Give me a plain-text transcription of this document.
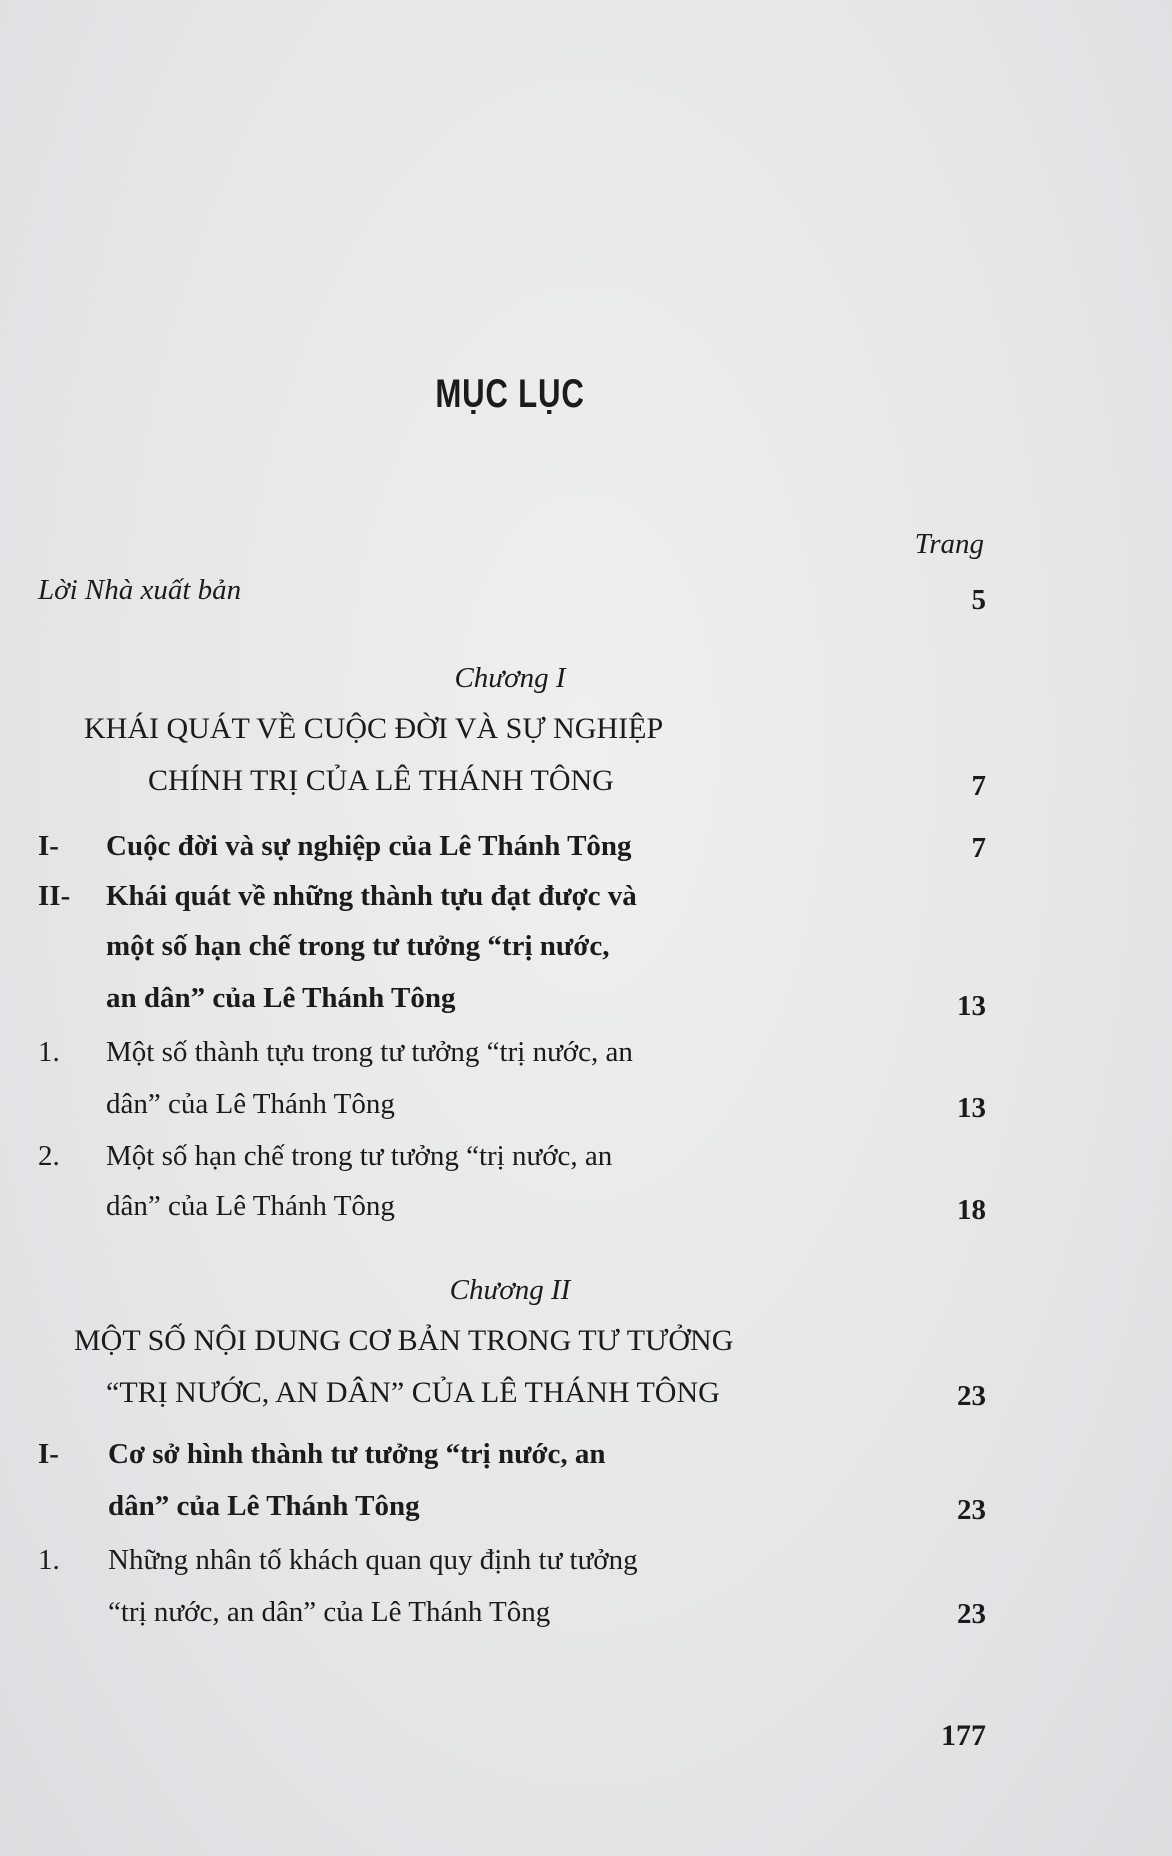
MỤC LỤC
Trang
Lời Nhà xuất bản	5
Chương I
KHÁI QUÁT VỀ CUỘC ĐỜI VÀ SỰ NGHIỆP
CHÍNH TRỊ CỦA LÊ THÁNH TÔNG	7
I- Cuộc đời và sự nghiệp của Lê Thánh Tông	7
II- Khái quát về những thành tựu đạt được và
một số hạn chế trong tư tưởng “trị nước,
an dân” của Lê Thánh Tông	13
1. Một số thành tựu trong tư tưởng “trị nước, an
dân” của Lê Thánh Tông	13
2. Một số hạn chế trong tư tưởng “trị nước, an
dân” của Lê Thánh Tông	18
Chương II
MỘT SỐ NỘI DUNG CƠ BẢN TRONG TƯ TƯỞNG
“TRỊ NƯỚC, AN DÂN” CỦA LÊ THÁNH TÔNG	23
I- Cơ sở hình thành tư tưởng “trị nước, an
dân” của Lê Thánh Tông	23
1. Những nhân tố khách quan quy định tư tưởng
“trị nước, an dân” của Lê Thánh Tông	23
177
